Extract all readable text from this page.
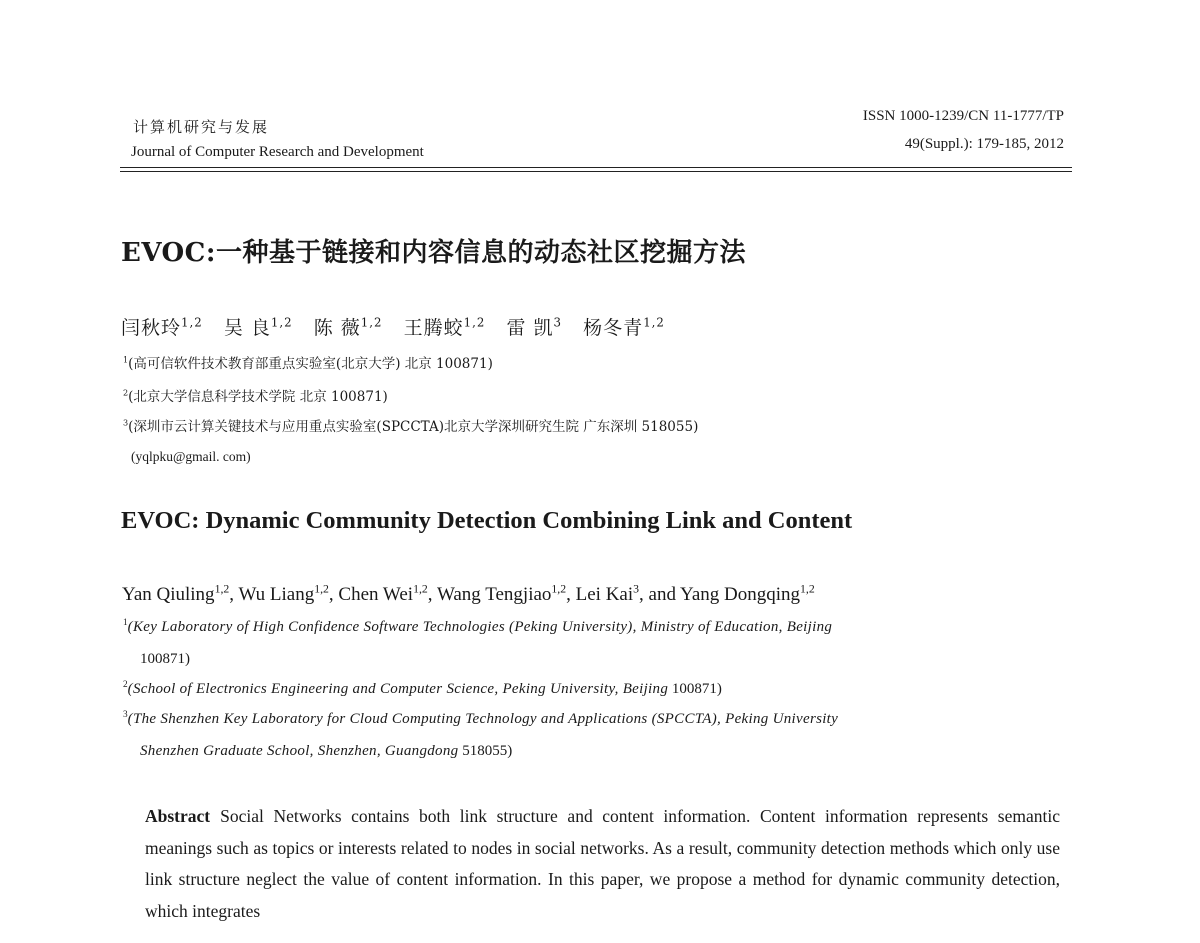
计算机研究与发展
Journal of Computer Research and Development
ISSN 1000-1239/CN 11-1777/TP
49(Suppl.): 179-185, 2012
EVOC:一种基于链接和内容信息的动态社区挖掘方法
闫秋玲$^{1,2}$ 吴 良$^{1,2}$ 陈 薇$^{1,2}$ 王腾蛟$^{1,2}$ 雷 凯$^3$ 杨冬青$^{1,2}$
$^1$(高可信软件技术教育部重点实验室(北京大学) 北京 100871)
$^2$(北京大学信息科学技术学院 北京 100871)
$^3$(深圳市云计算关键技术与应用重点实验室(SPCCTA)北京大学深圳研究生院 广东深圳 518055)
(yqlpku@gmail. com)
EVOC: Dynamic Community Detection Combining Link and Content
Yan Qiuling$^{1,2}$, Wu Liang$^{1,2}$, Chen Wei$^{1,2}$, Wang Tengjiao$^{1,2}$, Lei Kai$^3$, and Yang Dongqing$^{1,2}$
$^1$(Key Laboratory of High Confidence Software Technologies (Peking University), Ministry of Education, Beijing
100871)
$^2$(School of Electronics Engineering and Computer Science, Peking University, Beijing 100871)
$^3$(The Shenzhen Key Laboratory for Cloud Computing Technology and Applications (SPCCTA), Peking University
Shenzhen Graduate School, Shenzhen, Guangdong 518055)
Abstract Social Networks contains both link structure and content information. Content information represents semantic meanings such as topics or interests related to nodes in social networks. As a result, community detection methods which only use link structure neglect the value of content information. In this paper, we propose a method for dynamic community detection, which integrates
